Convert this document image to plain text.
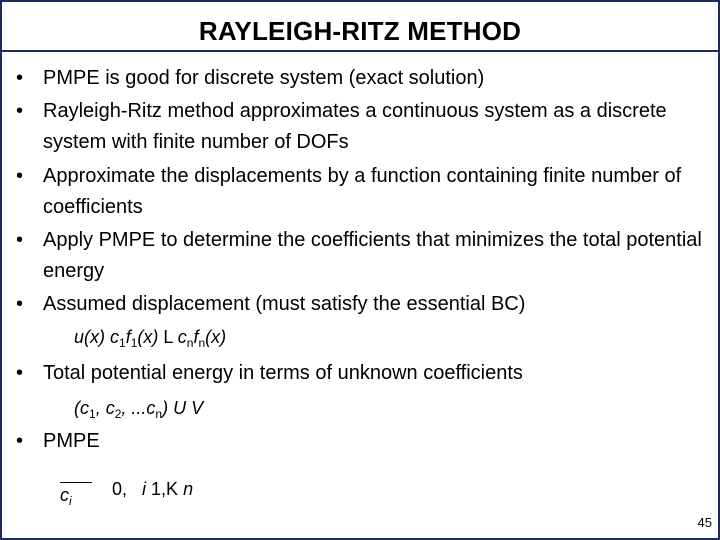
RAYLEIGH-RITZ METHOD
• PMPE is good for discrete system (exact solution)
• Rayleigh-Ritz method approximates a continuous system as a discrete system with finite number of DOFs
• Approximate the displacements by a function containing finite number of coefficients
• Apply PMPE to determine the coefficients that minimizes the total potential energy
• Assumed displacement (must satisfy the essential BC)
u(x) $c_1f_1(x)$ L $c_nf_n(x)$
• Total potential energy in terms of unknown coefficients
($c_1$, $c_2$, $...c_n$) U V
• PMPE
$c_i$
0, i 1,K n
45
